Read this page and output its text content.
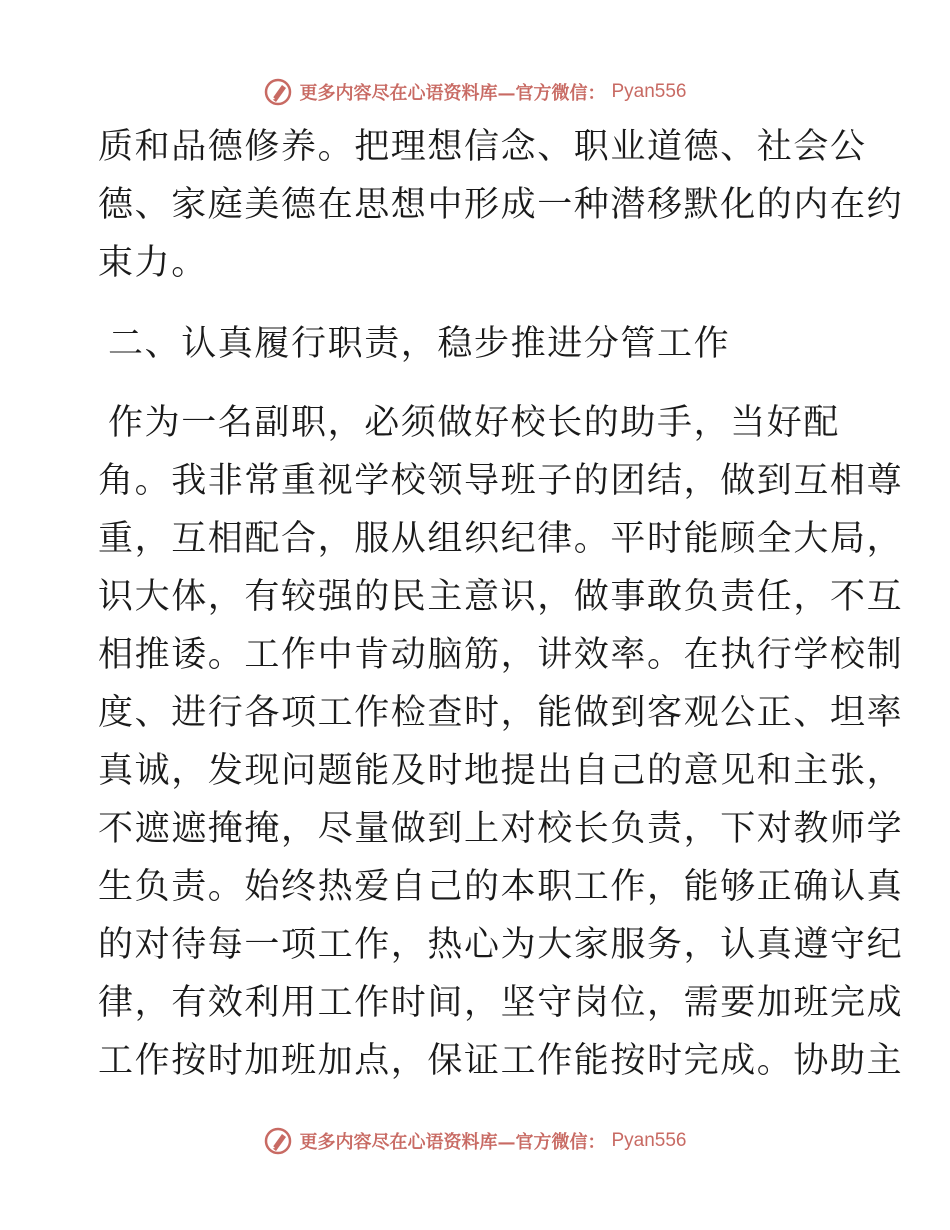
更多内容尽在心语资料库—官方微信： Pyan556
质和品德修养。把理想信念、职业道德、社会公
德、家庭美德在思想中形成一种潜移默化的内在约
束力。
二、认真履行职责，稳步推进分管工作
作为一名副职，必须做好校长的助手，当好配
角。我非常重视学校领导班子的团结，做到互相尊
重，互相配合，服从组织纪律。平时能顾全大局，
识大体，有较强的民主意识，做事敢负责任，不互
相推诿。工作中肯动脑筋，讲效率。在执行学校制
度、进行各项工作检查时，能做到客观公正、坦率
真诚，发现问题能及时地提出自己的意见和主张，
不遮遮掩掩，尽量做到上对校长负责，下对教师学
生负责。始终热爱自己的本职工作，能够正确认真
的对待每一项工作，热心为大家服务，认真遵守纪
律，有效利用工作时间，坚守岗位，需要加班完成
工作按时加班加点，保证工作能按时完成。协助主
更多内容尽在心语资料库—官方微信： Pyan556
